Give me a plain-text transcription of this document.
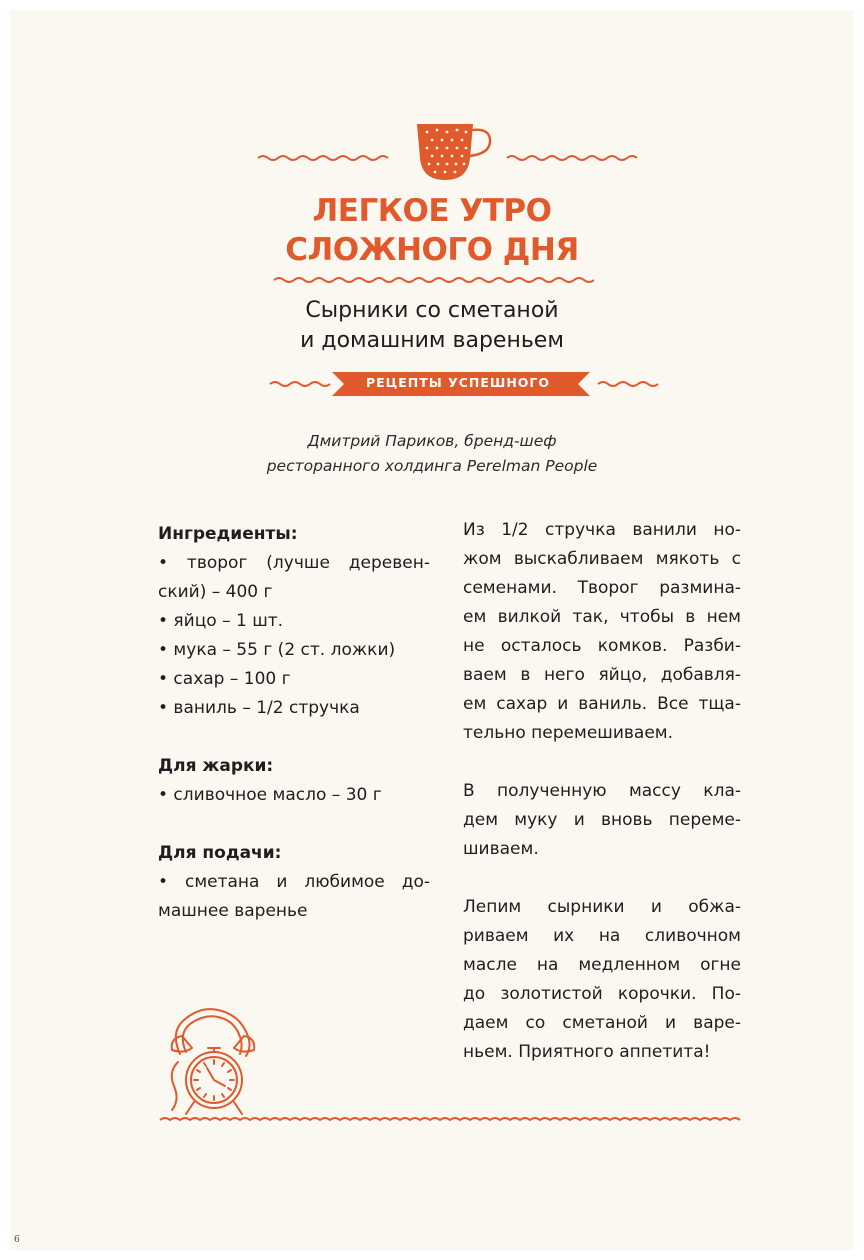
ЛЕГКОЕ УТРО
СЛОЖНОГО ДНЯ
Сырники со сметаной
и домашним вареньем
РЕЦЕПТЫ УСПЕШНОГО
Дмитрий Париков, бренд-шеф
ресторанного холдинга Perelman People
Ингредиенты:
• творог (лучше деревен-
ский) – 400 г
• яйцо – 1 шт.
• мука – 55 г (2 ст. ложки)
• сахар – 100 г
• ваниль – 1/2 стручка
Для жарки:
• сливочное масло – 30 г
Для подачи:
• сметана и любимое до-
машнее варенье
Из 1/2 стручка ванили но-
жом выскабливаем мякоть с
семенами. Творог размина-
ем вилкой так, чтобы в нем
не осталось комков. Разби-
ваем в него яйцо, добавля-
ем сахар и ваниль. Все тща-
тельно перемешиваем.
В полученную массу кла-
дем муку и вновь переме-
шиваем.
Лепим сырники и обжа-
риваем их на сливочном
масле на медленном огне
до золотистой корочки. По-
даем со сметаной и варе-
ньем. Приятного аппетита!
6
